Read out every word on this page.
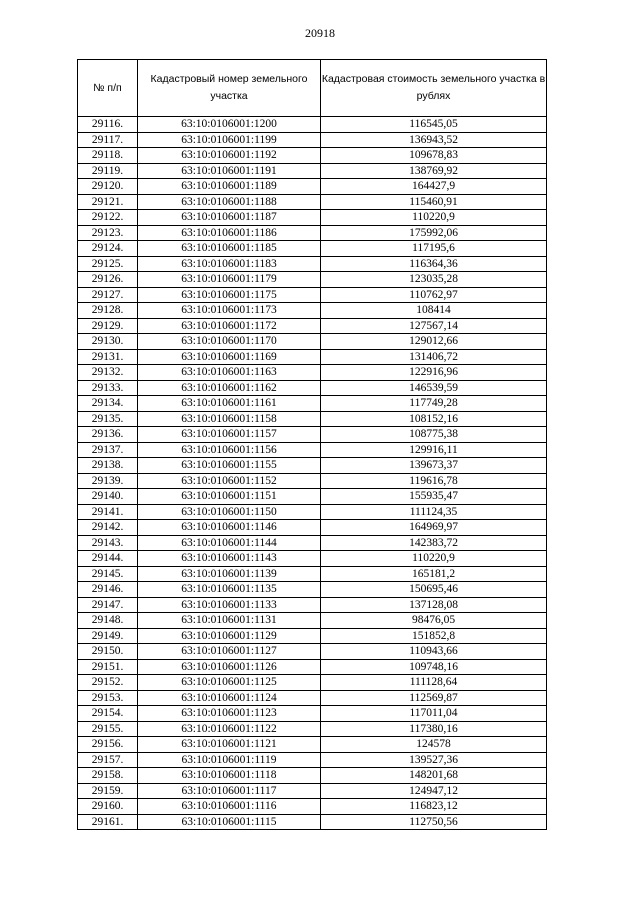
20918
№ п/п	Кадастровый номер земельного участка	Кадастровая стоимость земельного участка в рублях
29116.	63:10:0106001:1200	116545,05
29117.	63:10:0106001:1199	136943,52
29118.	63:10:0106001:1192	109678,83
29119.	63:10:0106001:1191	138769,92
29120.	63:10:0106001:1189	164427,9
29121.	63:10:0106001:1188	115460,91
29122.	63:10:0106001:1187	110220,9
29123.	63:10:0106001:1186	175992,06
29124.	63:10:0106001:1185	117195,6
29125.	63:10:0106001:1183	116364,36
29126.	63:10:0106001:1179	123035,28
29127.	63:10:0106001:1175	110762,97
29128.	63:10:0106001:1173	108414
29129.	63:10:0106001:1172	127567,14
29130.	63:10:0106001:1170	129012,66
29131.	63:10:0106001:1169	131406,72
29132.	63:10:0106001:1163	122916,96
29133.	63:10:0106001:1162	146539,59
29134.	63:10:0106001:1161	117749,28
29135.	63:10:0106001:1158	108152,16
29136.	63:10:0106001:1157	108775,38
29137.	63:10:0106001:1156	129916,11
29138.	63:10:0106001:1155	139673,37
29139.	63:10:0106001:1152	119616,78
29140.	63:10:0106001:1151	155935,47
29141.	63:10:0106001:1150	111124,35
29142.	63:10:0106001:1146	164969,97
29143.	63:10:0106001:1144	142383,72
29144.	63:10:0106001:1143	110220,9
29145.	63:10:0106001:1139	165181,2
29146.	63:10:0106001:1135	150695,46
29147.	63:10:0106001:1133	137128,08
29148.	63:10:0106001:1131	98476,05
29149.	63:10:0106001:1129	151852,8
29150.	63:10:0106001:1127	110943,66
29151.	63:10:0106001:1126	109748,16
29152.	63:10:0106001:1125	111128,64
29153.	63:10:0106001:1124	112569,87
29154.	63:10:0106001:1123	117011,04
29155.	63:10:0106001:1122	117380,16
29156.	63:10:0106001:1121	124578
29157.	63:10:0106001:1119	139527,36
29158.	63:10:0106001:1118	148201,68
29159.	63:10:0106001:1117	124947,12
29160.	63:10:0106001:1116	116823,12
29161.	63:10:0106001:1115	112750,56
